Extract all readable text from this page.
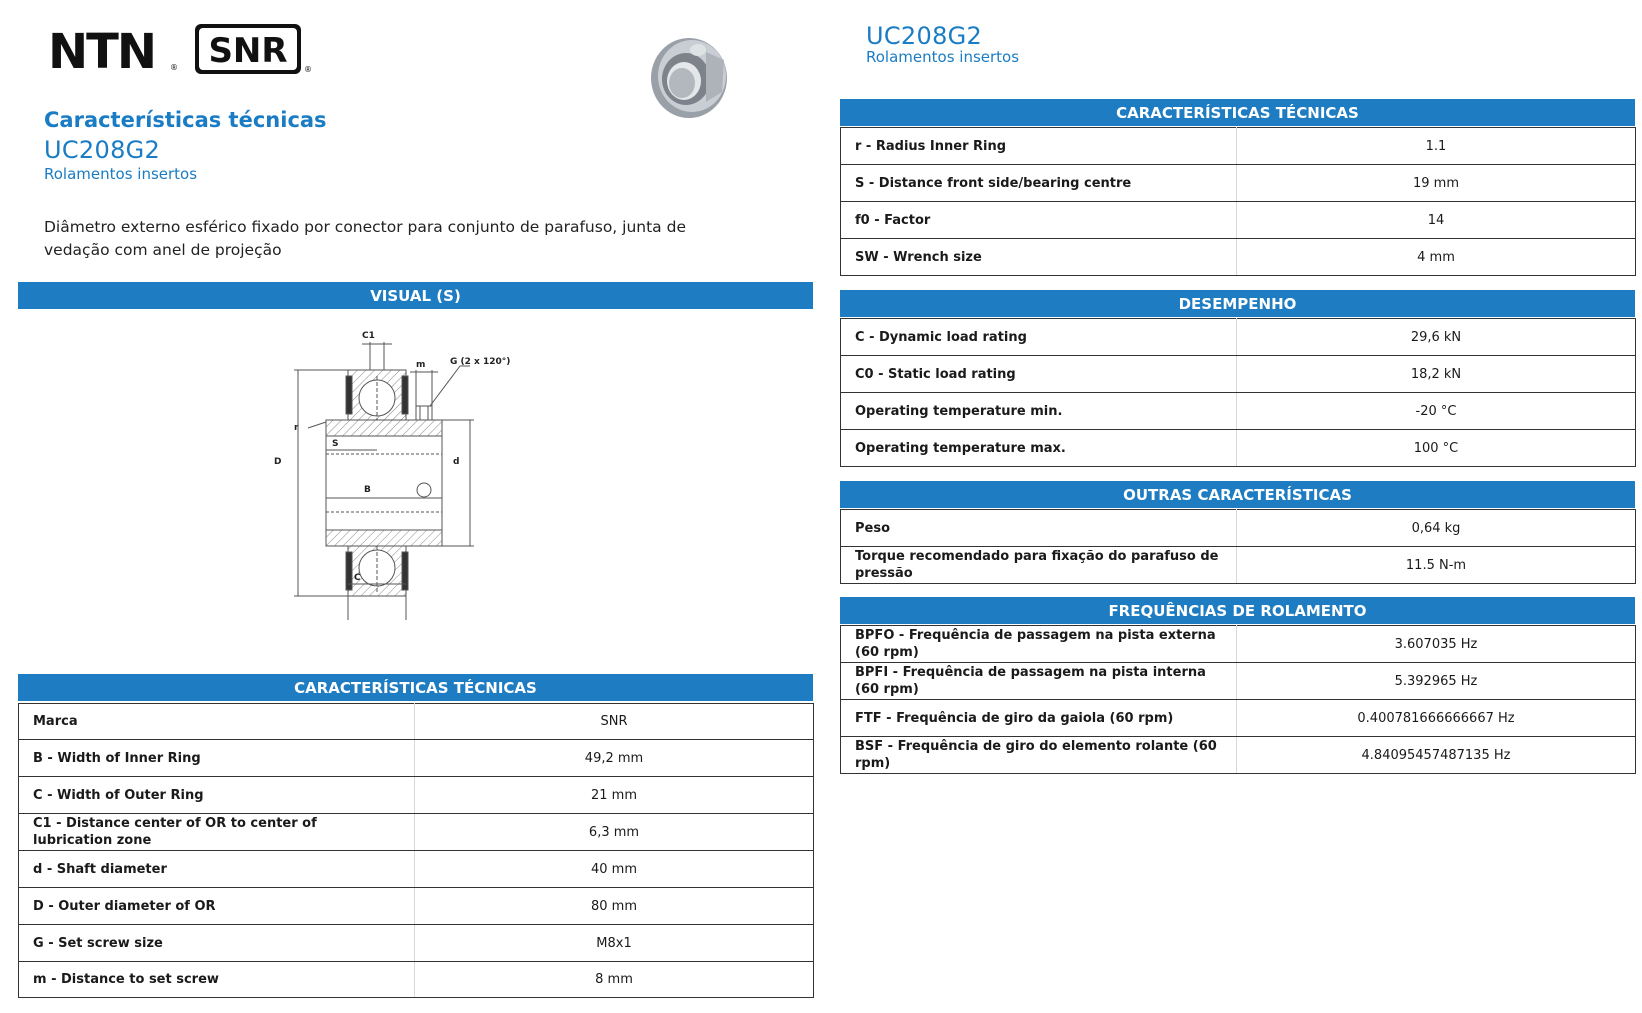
NTN ® SNR ®
Características técnicas
UC208G2
Rolamentos insertos
Diâmetro externo esférico fixado por conector para conjunto de parafuso, junta de vedação com anel de projeção
UC208G2
Rolamentos insertos
VISUAL (S)
C1
m	G (2 x 120°)
r
S
D	d
B
C
CARACTERÍSTICAS TÉCNICAS
Marca	SNR
B - Width of Inner Ring	49,2 mm
C - Width of Outer Ring	21 mm
C1 - Distance center of OR to center of lubrication zone	6,3 mm
d - Shaft diameter	40 mm
D - Outer diameter of OR	80 mm
G - Set screw size	M8x1
m - Distance to set screw	8 mm
CARACTERÍSTICAS TÉCNICAS
r - Radius Inner Ring	1.1
S - Distance front side/bearing centre	19 mm
f0 - Factor	14
SW - Wrench size	4 mm
DESEMPENHO
C - Dynamic load rating	29,6 kN
C0 - Static load rating	18,2 kN
Operating temperature min.	-20 °C
Operating temperature max.	100 °C
OUTRAS CARACTERÍSTICAS
Peso	0,64 kg
Torque recomendado para fixação do parafuso de pressão	11.5 N-m
FREQUÊNCIAS DE ROLAMENTO
BPFO - Frequência de passagem na pista externa (60 rpm)	3.607035 Hz
BPFI - Frequência de passagem na pista interna (60 rpm)	5.392965 Hz
FTF - Frequência de giro da gaiola (60 rpm)	0.400781666666667 Hz
BSF - Frequência de giro do elemento rolante (60 rpm)	4.84095457487135 Hz
